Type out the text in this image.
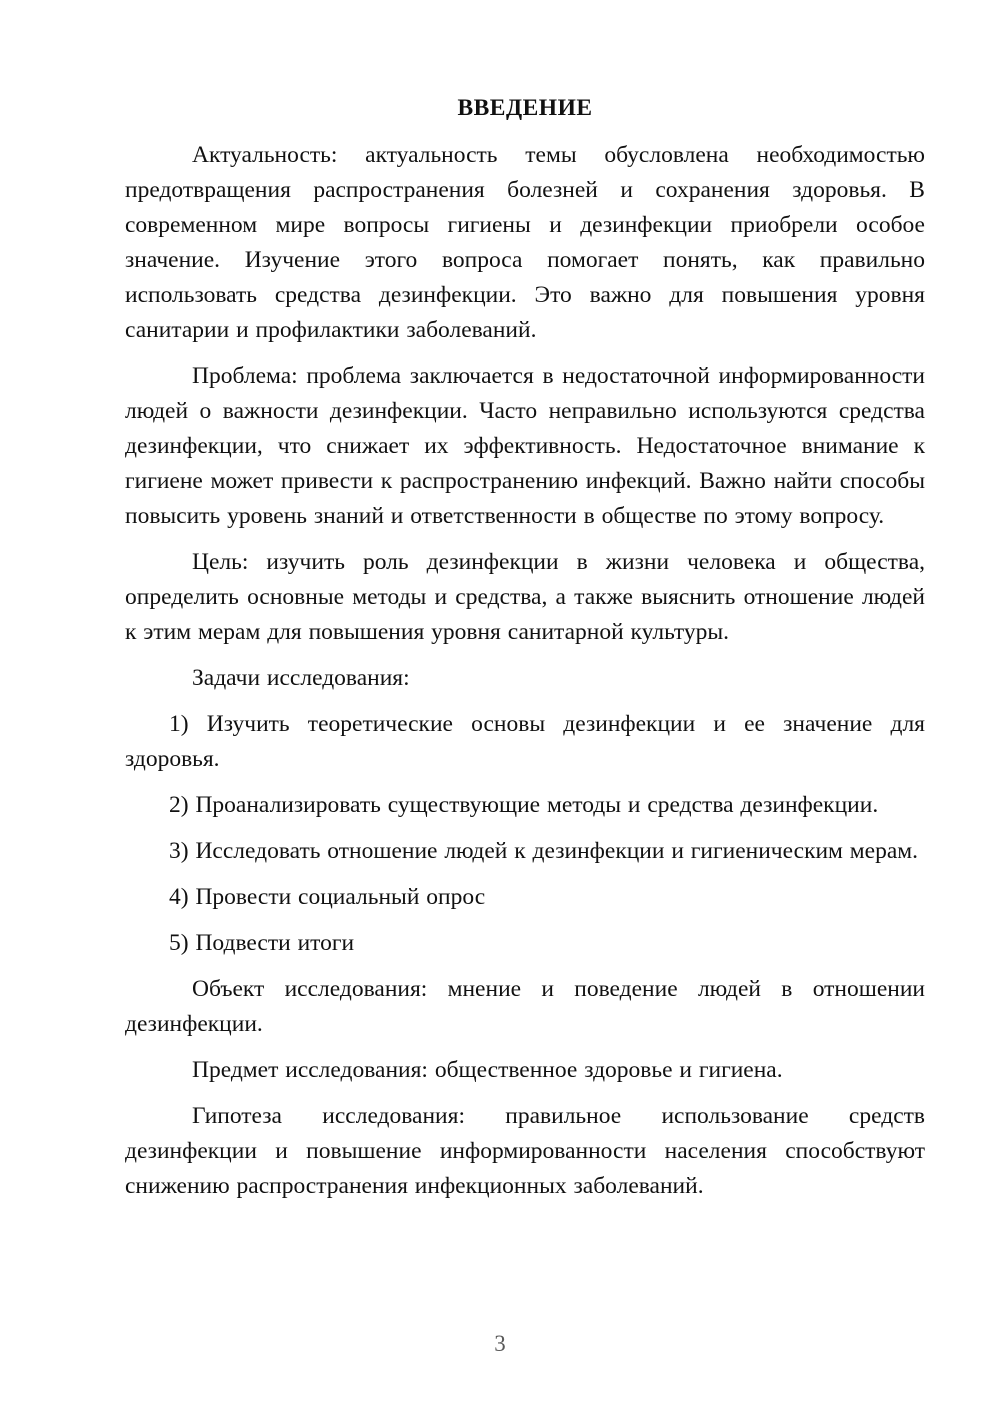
ВВЕДЕНИЕ

Актуальность: актуальность темы обусловлена необходимостью предотвращения распространения болезней и сохранения здоровья. В современном мире вопросы гигиены и дезинфекции приобрели особое значение. Изучение этого вопроса помогает понять, как правильно использовать средства дезинфекции. Это важно для повышения уровня санитарии и профилактики заболеваний.

Проблема: проблема заключается в недостаточной информированности людей о важности дезинфекции. Часто неправильно используются средства дезинфекции, что снижает их эффективность. Недостаточное внимание к гигиене может привести к распространению инфекций. Важно найти способы повысить уровень знаний и ответственности в обществе по этому вопросу.

Цель: изучить роль дезинфекции в жизни человека и общества, определить основные методы и средства, а также выяснить отношение людей к этим мерам для повышения уровня санитарной культуры.

Задачи исследования:

1) Изучить теоретические основы дезинфекции и ее значение для здоровья.

2) Проанализировать существующие методы и средства дезинфекции.

3) Исследовать отношение людей к дезинфекции и гигиеническим мерам.

4) Провести социальный опрос

5) Подвести итоги

Объект исследования: мнение и поведение людей в отношении дезинфекции.

Предмет исследования: общественное здоровье и гигиена.

Гипотеза исследования: правильное использование средств дезинфекции и повышение информированности населения способствуют снижению распространения инфекционных заболеваний.

3
